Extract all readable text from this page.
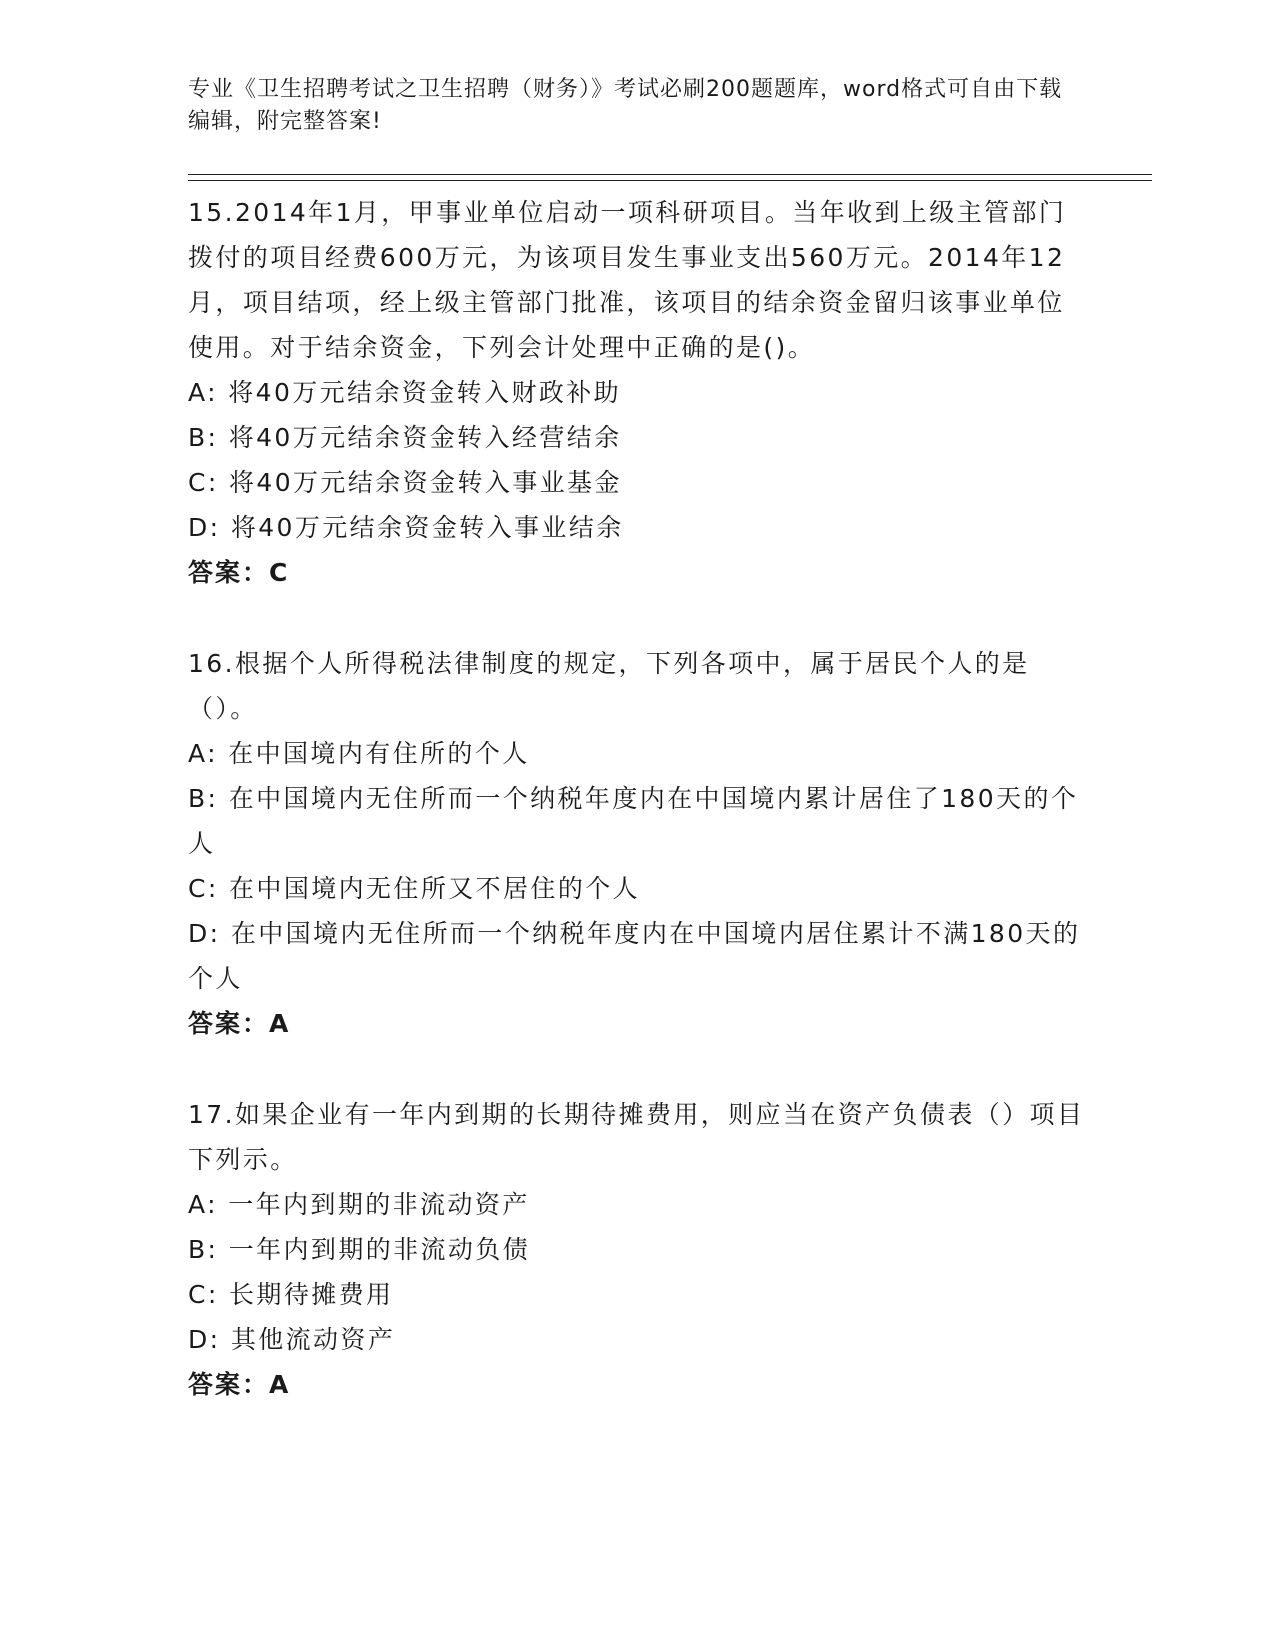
专业《卫生招聘考试之卫生招聘（财务）》考试必刷200题题库，word格式可自由下载编辑，附完整答案!
15.2014年1月，甲事业单位启动一项科研项目。当年收到上级主管部门拨付的项目经费600万元，为该项目发生事业支出560万元。2014年12月，项目结项，经上级主管部门批准，该项目的结余资金留归该事业单位使用。对于结余资金，下列会计处理中正确的是()。
A: 将40万元结余资金转入财政补助
B: 将40万元结余资金转入经营结余
C: 将40万元结余资金转入事业基金
D: 将40万元结余资金转入事业结余
答案：C
16.根据个人所得税法律制度的规定，下列各项中，属于居民个人的是（）。
A: 在中国境内有住所的个人
B: 在中国境内无住所而一个纳税年度内在中国境内累计居住了180天的个人
C: 在中国境内无住所又不居住的个人
D: 在中国境内无住所而一个纳税年度内在中国境内居住累计不满180天的个人
答案：A
17.如果企业有一年内到期的长期待摊费用，则应当在资产负债表（）项目下列示。
A: 一年内到期的非流动资产
B: 一年内到期的非流动负债
C: 长期待摊费用
D: 其他流动资产
答案：A
